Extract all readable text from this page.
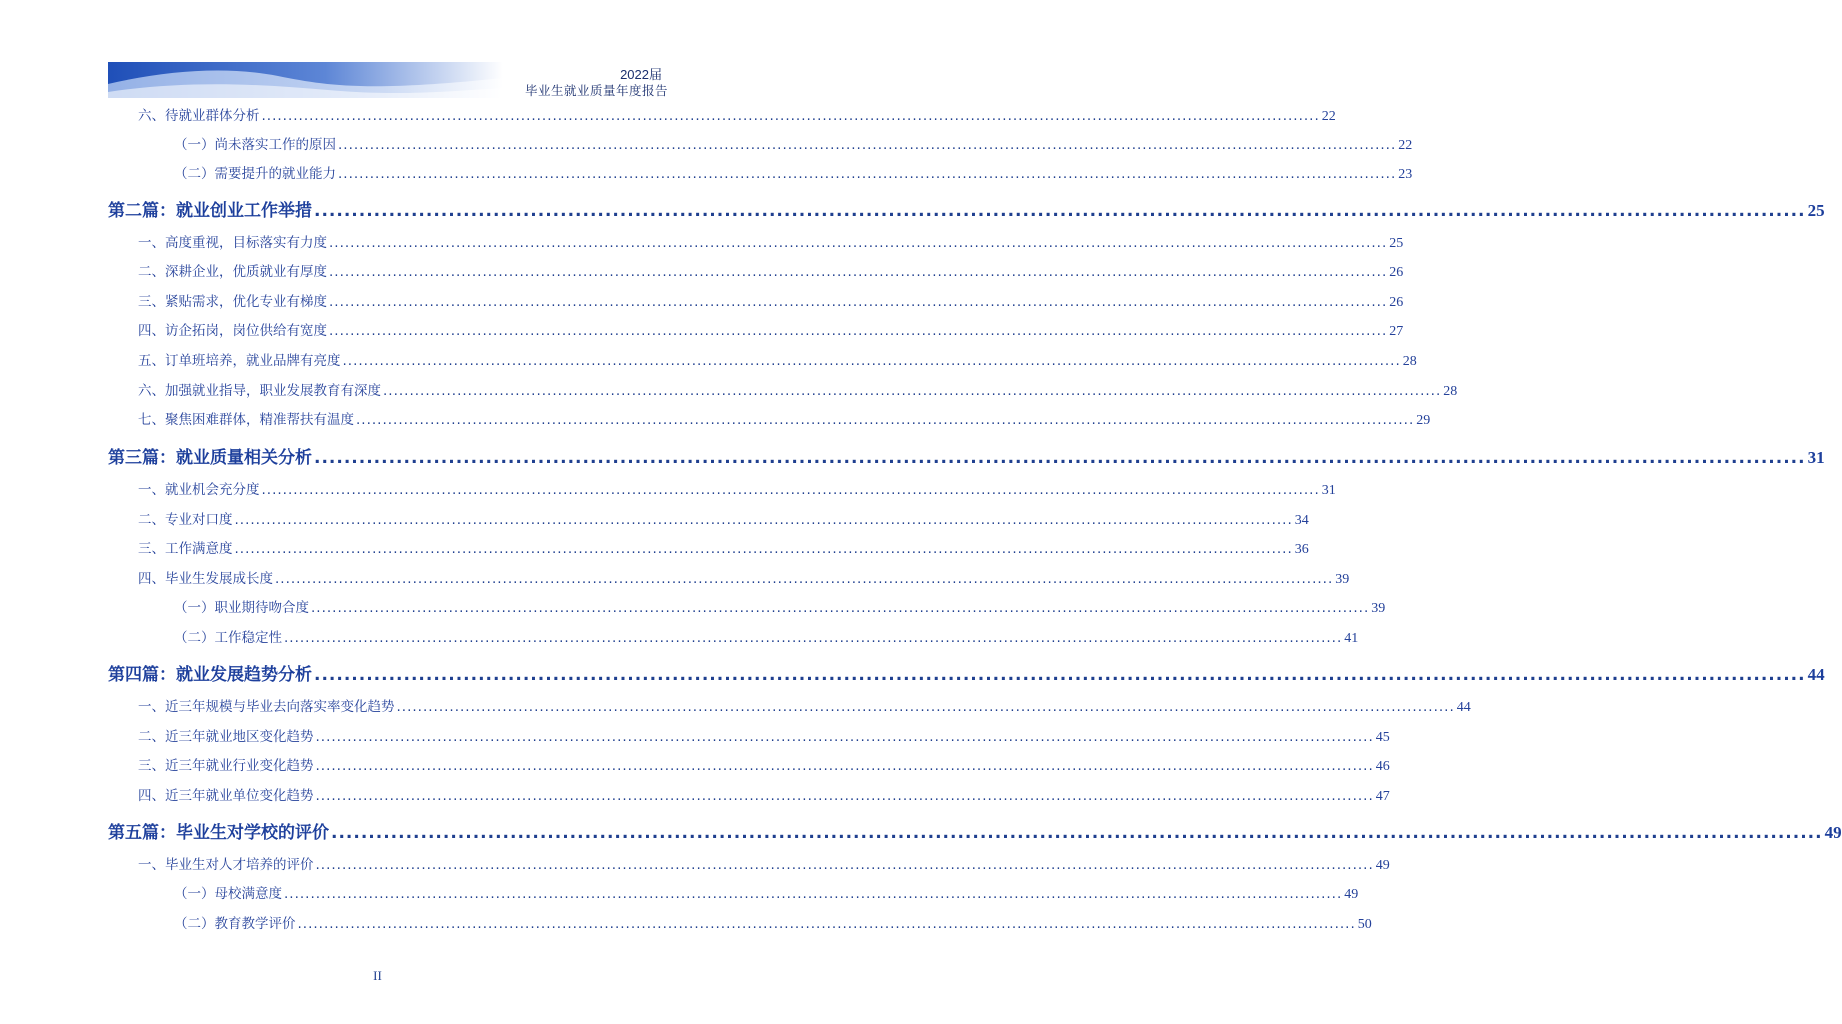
2022届
毕业生就业质量年度报告
六、待就业群体分析 ........................................................................................................................................................................................................ 22
（一）尚未落实工作的原因 ........................................................................................................................................................................................................ 22
（二）需要提升的就业能力 ........................................................................................................................................................................................................ 23
第二篇：就业创业工作举措 ........................................................................................................................................................................................................ 25
一、高度重视，目标落实有力度 ........................................................................................................................................................................................................ 25
二、深耕企业，优质就业有厚度 ........................................................................................................................................................................................................ 26
三、紧贴需求，优化专业有梯度 ........................................................................................................................................................................................................ 26
四、访企拓岗，岗位供给有宽度 ........................................................................................................................................................................................................ 27
五、订单班培养，就业品牌有亮度 ........................................................................................................................................................................................................ 28
六、加强就业指导，职业发展教育有深度 ........................................................................................................................................................................................................ 28
七、聚焦困难群体，精准帮扶有温度 ........................................................................................................................................................................................................ 29
第三篇：就业质量相关分析 ........................................................................................................................................................................................................ 31
一、就业机会充分度 ........................................................................................................................................................................................................ 31
二、专业对口度 ........................................................................................................................................................................................................ 34
三、工作满意度 ........................................................................................................................................................................................................ 36
四、毕业生发展成长度 ........................................................................................................................................................................................................ 39
（一）职业期待吻合度 ........................................................................................................................................................................................................ 39
（二）工作稳定性 ........................................................................................................................................................................................................ 41
第四篇：就业发展趋势分析 ........................................................................................................................................................................................................ 44
一、近三年规模与毕业去向落实率变化趋势 ........................................................................................................................................................................................................ 44
二、近三年就业地区变化趋势 ........................................................................................................................................................................................................ 45
三、近三年就业行业变化趋势 ........................................................................................................................................................................................................ 46
四、近三年就业单位变化趋势 ........................................................................................................................................................................................................ 47
第五篇：毕业生对学校的评价 ........................................................................................................................................................................................................ 49
一、毕业生对人才培养的评价 ........................................................................................................................................................................................................ 49
（一）母校满意度 ........................................................................................................................................................................................................ 49
（二）教育教学评价 ........................................................................................................................................................................................................ 50
II
